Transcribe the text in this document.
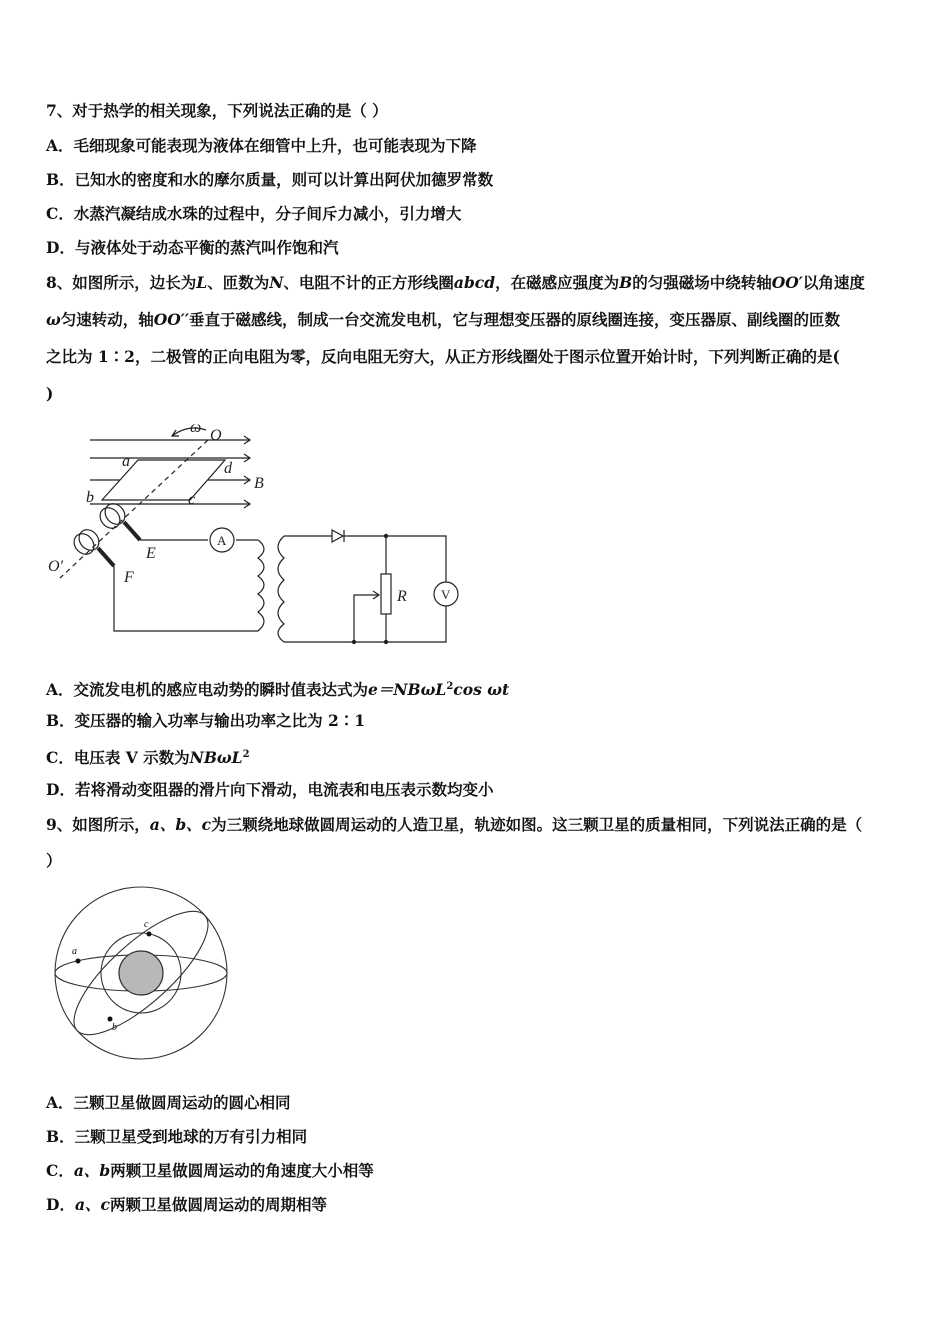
7、对于热学的相关现象，下列说法正确的是（ ）
A．毛细现象可能表现为液体在细管中上升，也可能表现为下降
B．已知水的密度和水的摩尔质量，则可以计算出阿伏加德罗常数
C．水蒸汽凝结成水珠的过程中，分子间斥力减小，引力增大
D．与液体处于动态平衡的蒸汽叫作饱和汽
8、如图所示，边长为L、匝数为N、电阻不计的正方形线圈abcd，在磁感应强度为B的匀强磁场中绕转轴OO′以角速度
ω匀速转动，轴OO′′垂直于磁感线，制成一台交流发电机，它与理想变压器的原线圈连接，变压器原、副线圈的匝数
之比为 1∶2，二极管的正向电阻为零，反向电阻无穷大，从正方形线圈处于图示位置开始计时，下列判断正确的是(
)
ω O
a	d
B
b	c
E
O′
F
R
A
V
A．交流发电机的感应电动势的瞬时值表达式为e＝NBωL$^2$cos ωt
B．变压器的输入功率与输出功率之比为 2∶1
C．电压表 V 示数为NBωL$^2$
D．若将滑动变阻器的滑片向下滑动，电流表和电压表示数均变小
9、如图所示，a、b、c为三颗绕地球做圆周运动的人造卫星，轨迹如图。这三颗卫星的质量相同，下列说法正确的是（
）
a
b
c
A．三颗卫星做圆周运动的圆心相同
B．三颗卫星受到地球的万有引力相同
C．a、b两颗卫星做圆周运动的角速度大小相等
D．a、c两颗卫星做圆周运动的周期相等
